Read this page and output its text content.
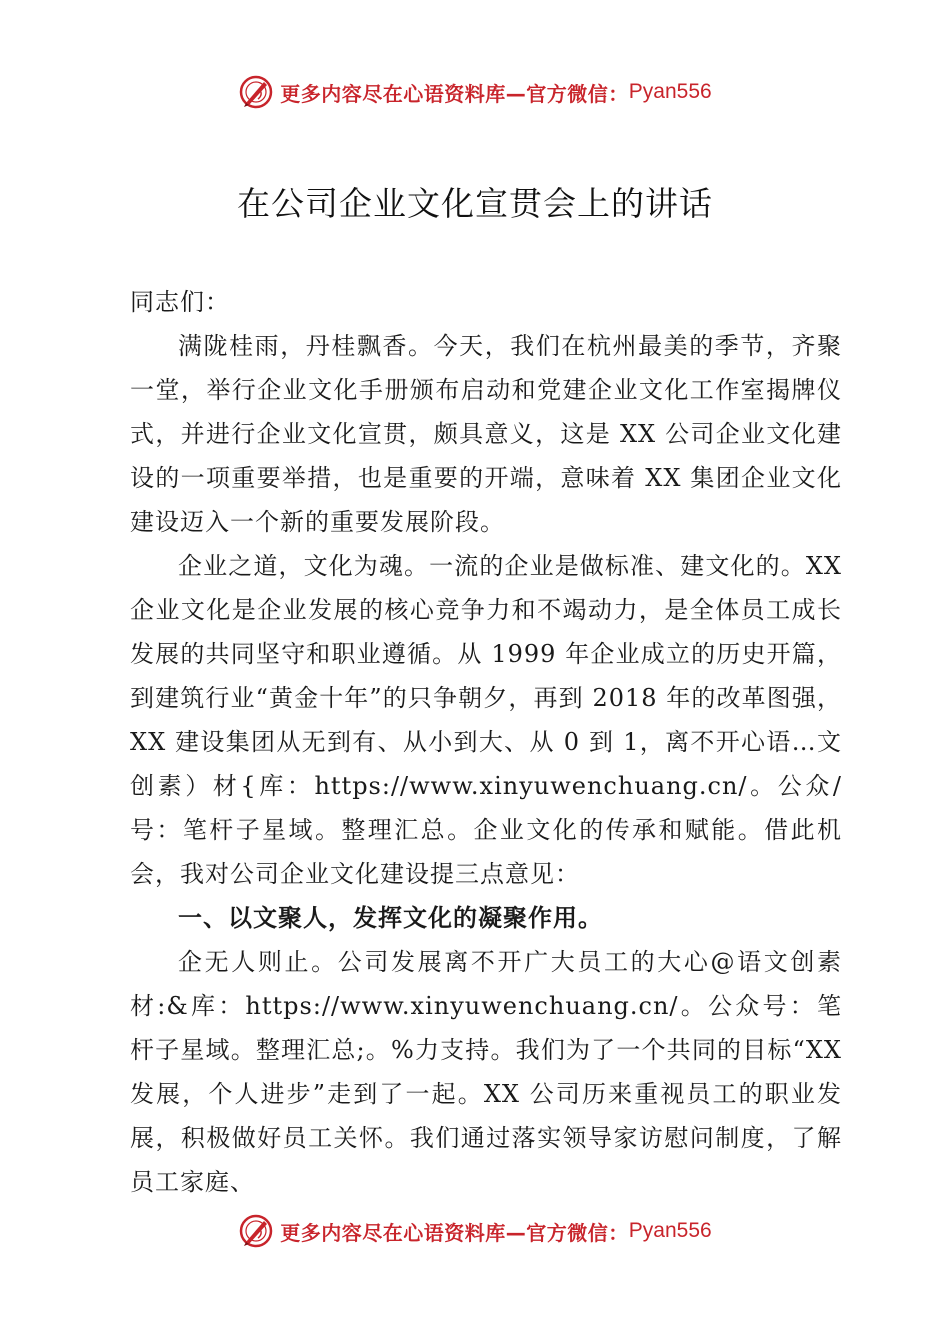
更多内容尽在心语资料库—官方微信： Pyan556
在公司企业文化宣贯会上的讲话

同志们：

满陇桂雨，丹桂飘香。今天，我们在杭州最美的季节，齐聚一堂，举行企业文化手册颁布启动和党建企业文化工作室揭牌仪式，并进行企业文化宣贯，颇具意义，这是 XX 公司企业文化建设的一项重要举措，也是重要的开端，意味着 XX 集团企业文化建设迈入一个新的重要发展阶段。

企业之道，文化为魂。一流的企业是做标准、建文化的。XX 企业文化是企业发展的核心竞争力和不竭动力，是全体员工成长发展的共同坚守和职业遵循。从 1999 年企业成立的历史开篇，到建筑行业“黄金十年”的只争朝夕，再到 2018 年的改革图强， XX 建设集团从无到有、从小到大、从 0 到 1，离不开心语…文创素）材{库：https://www.xinyuwenchuang.cn/。公众/号：笔杆子星域。整理汇总。企业文化的传承和赋能。借此机会，我对公司企业文化建设提三点意见：

一、以文聚人，发挥文化的凝聚作用。

企无人则止。公司发展离不开广大员工的大心@语文创素材:&库：https://www.xinyuwenchuang.cn/。公众号：笔杆子星域。整理汇总;。%力支持。我们为了一个共同的目标“XX 发展，个人进步”走到了一起。XX 公司历来重视员工的职业发展，积极做好员工关怀。我们通过落实领导家访慰问制度，了解员工家庭、

更多内容尽在心语资料库—官方微信： Pyan556
